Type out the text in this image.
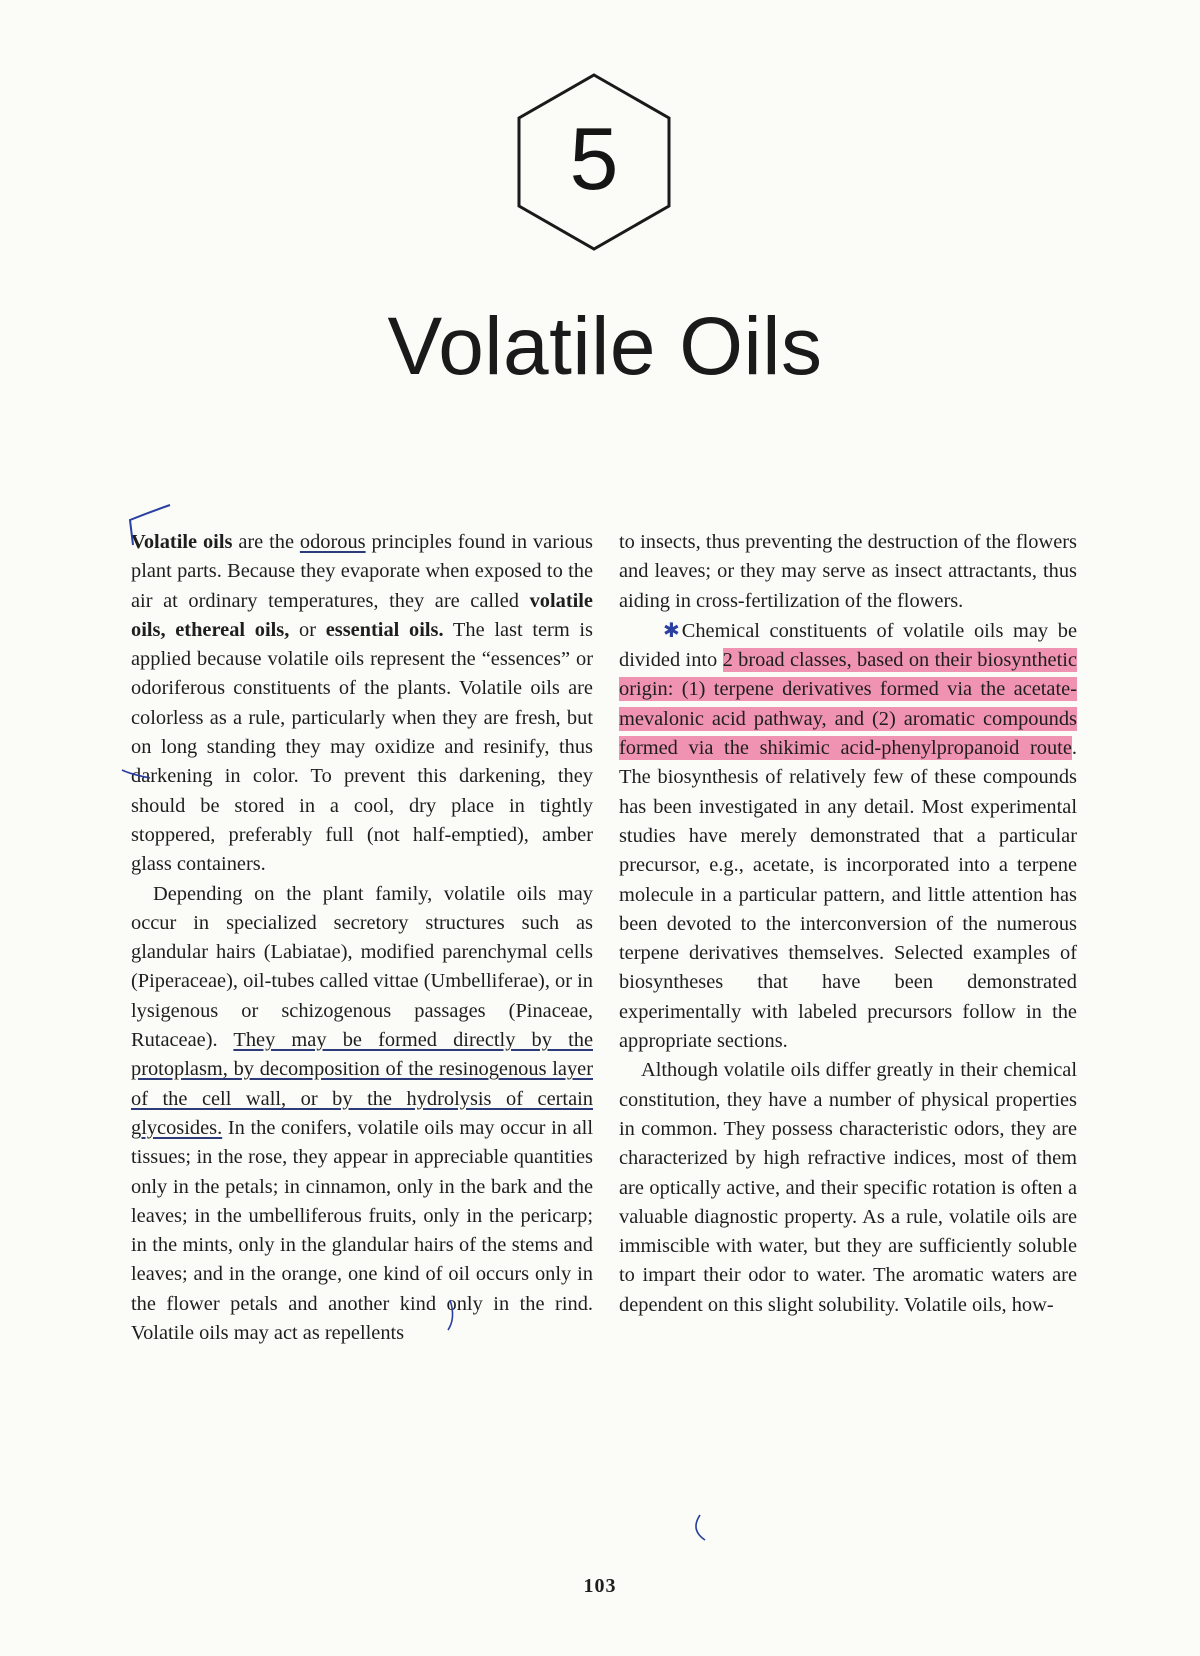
5
Volatile Oils

Volatile oils are the odorous principles found in various plant parts. Because they evaporate when exposed to the air at ordinary temperatures, they are called volatile oils, ethereal oils, or essential oils. The last term is applied because volatile oils represent the “essences” or odoriferous constituents of the plants. Volatile oils are colorless as a rule, particularly when they are fresh, but on long standing they may oxidize and resinify, thus darkening in color. To prevent this darkening, they should be stored in a cool, dry place in tightly stoppered, preferably full (not half-emptied), amber glass containers.

Depending on the plant family, volatile oils may occur in specialized secretory structures such as glandular hairs (Labiatae), modified parenchymal cells (Piperaceae), oil-tubes called vittae (Umbelliferae), or in lysigenous or schizogenous passages (Pinaceae, Rutaceae). They may be formed directly by the protoplasm, by decomposition of the resinogenous layer of the cell wall, or by the hydrolysis of certain glycosides. In the conifers, volatile oils may occur in all tissues; in the rose, they appear in appreciable quantities only in the petals; in cinnamon, only in the bark and the leaves; in the umbelliferous fruits, only in the pericarp; in the mints, only in the glandular hairs of the stems and leaves; and in the orange, one kind of oil occurs only in the flower petals and another kind only in the rind. Volatile oils may act as repellents

to insects, thus preventing the destruction of the flowers and leaves; or they may serve as insect attractants, thus aiding in cross-fertilization of the flowers.

✱Chemical constituents of volatile oils may be divided into 2 broad classes, based on their biosynthetic origin: (1) terpene derivatives formed via the acetate-mevalonic acid pathway, and (2) aromatic compounds formed via the shikimic acid-phenylpropanoid route. The biosynthesis of relatively few of these compounds has been investigated in any detail. Most experimental studies have merely demonstrated that a particular precursor, e.g., acetate, is incorporated into a terpene molecule in a particular pattern, and little attention has been devoted to the interconversion of the numerous terpene derivatives themselves. Selected examples of biosyntheses that have been demonstrated experimentally with labeled precursors follow in the appropriate sections.

Although volatile oils differ greatly in their chemical constitution, they have a number of physical properties in common. They possess characteristic odors, they are characterized by high refractive indices, most of them are optically active, and their specific rotation is often a valuable diagnostic property. As a rule, volatile oils are immiscible with water, but they are sufficiently soluble to impart their odor to water. The aromatic waters are dependent on this slight solubility. Volatile oils, how-

103
